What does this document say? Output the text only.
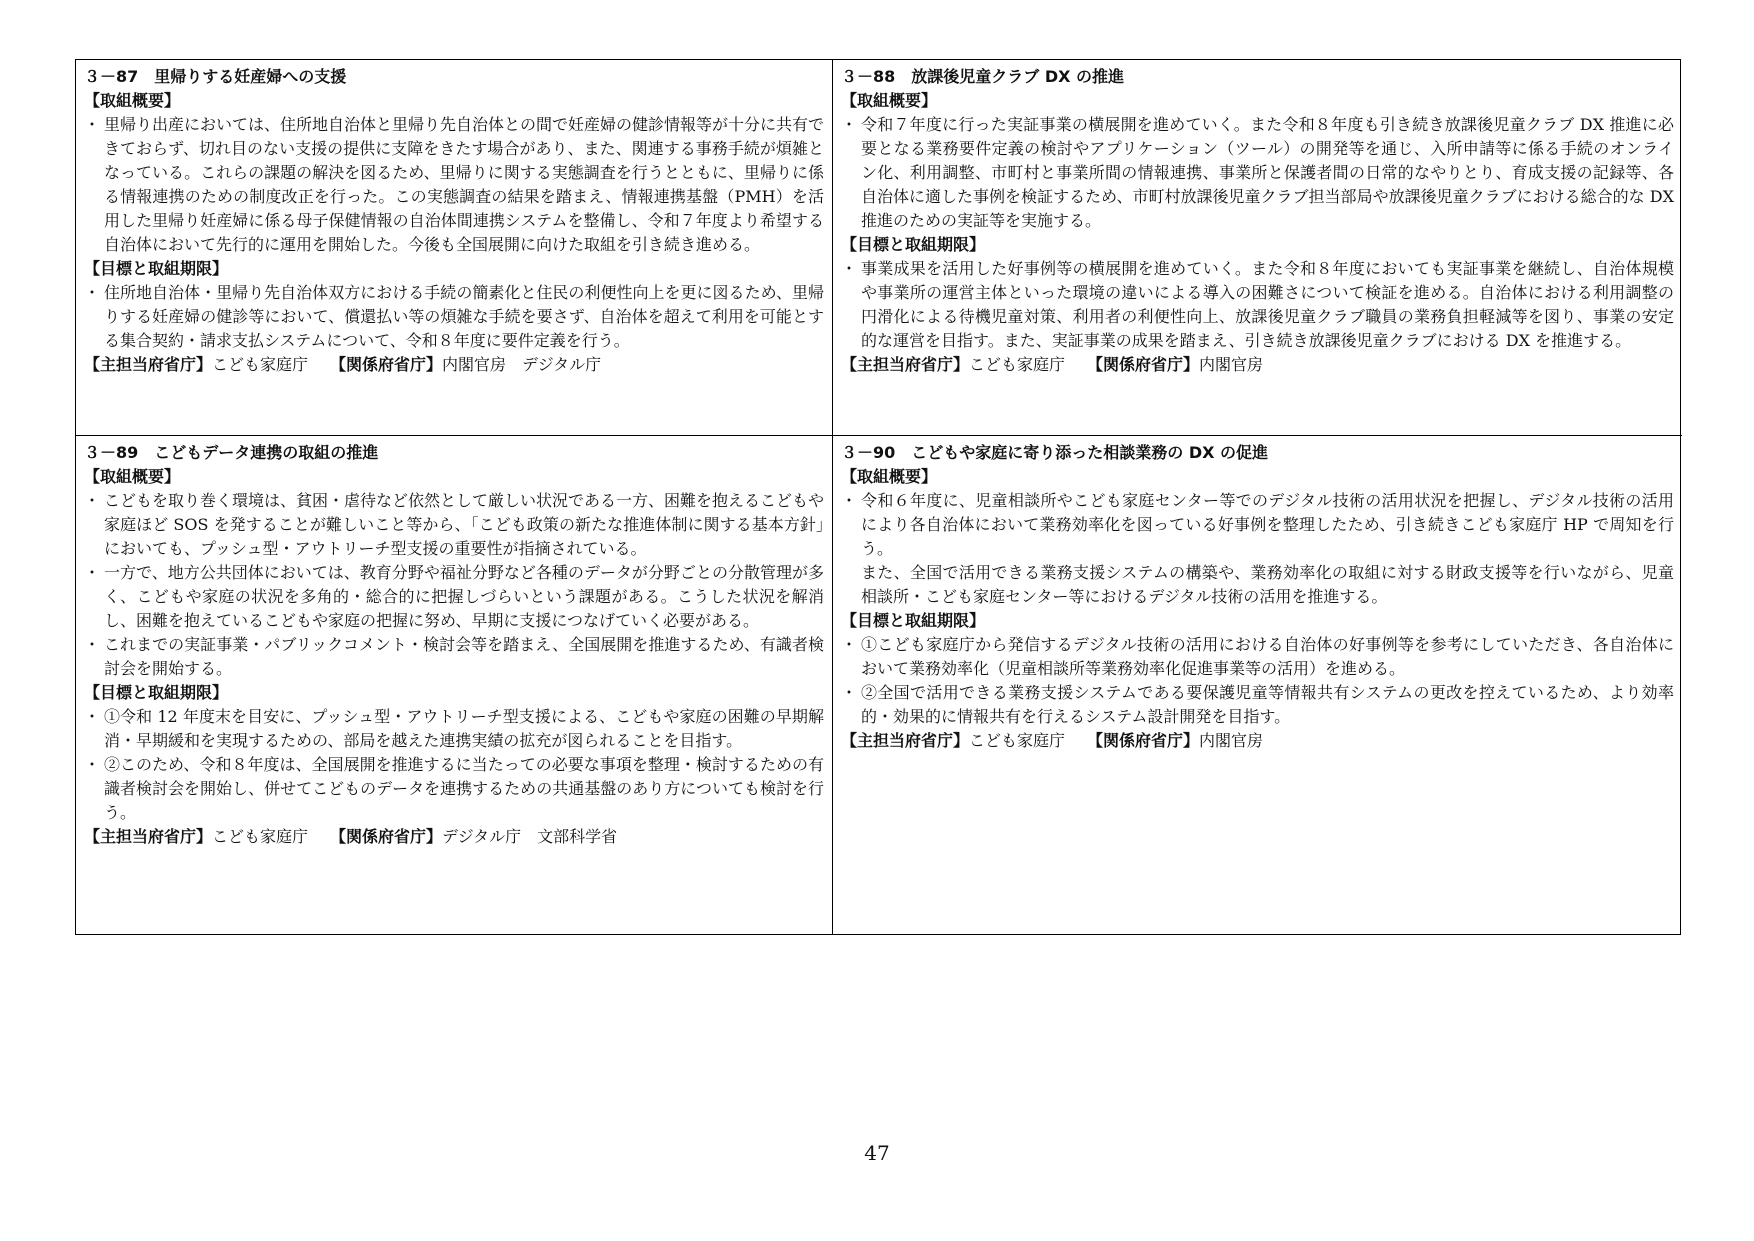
３－87　里帰りする妊産婦への支援

【取組概要】

・ 里帰り出産においては、住所地自治体と里帰り先自治体との間で妊産婦の健診情報等が十分に共有できておらず、切れ目のない支援の提供に支障をきたす場合があり、また、関連する事務手続が煩雑となっている。これらの課題の解決を図るため、里帰りに関する実態調査を行うとともに、里帰りに係る情報連携のための制度改正を行った。この実態調査の結果を踏まえ、情報連携基盤（PMH）を活用した里帰り妊産婦に係る母子保健情報の自治体間連携システムを整備し、令和７年度より希望する自治体において先行的に運用を開始した。今後も全国展開に向けた取組を引き続き進める。

【目標と取組期限】

・ 住所地自治体・里帰り先自治体双方における手続の簡素化と住民の利便性向上を更に図るため、里帰りする妊産婦の健診等において、償還払い等の煩雑な手続を要さず、自治体を超えて利用を可能とする集合契約・請求支払システムについて、令和８年度に要件定義を行う。

【主担当府省庁】こども家庭庁 【関係府省庁】内閣官房　デジタル庁

３－88　放課後児童クラブ DX の推進

【取組概要】

・ 令和７年度に行った実証事業の横展開を進めていく。また令和８年度も引き続き放課後児童クラブ DX 推進に必要となる業務要件定義の検討やアプリケーション（ツール）の開発等を通じ、入所申請等に係る手続のオンライン化、利用調整、市町村と事業所間の情報連携、事業所と保護者間の日常的なやりとり、育成支援の記録等、各自治体に適した事例を検証するため、市町村放課後児童クラブ担当部局や放課後児童クラブにおける総合的な DX 推進のための実証等を実施する。

【目標と取組期限】

・ 事業成果を活用した好事例等の横展開を進めていく。また令和８年度においても実証事業を継続し、自治体規模や事業所の運営主体といった環境の違いによる導入の困難さについて検証を進める。自治体における利用調整の円滑化による待機児童対策、利用者の利便性向上、放課後児童クラブ職員の業務負担軽減等を図り、事業の安定的な運営を目指す。また、実証事業の成果を踏まえ、引き続き放課後児童クラブにおける DX を推進する。

【主担当府省庁】こども家庭庁 【関係府省庁】内閣官房

３－89　こどもデータ連携の取組の推進

【取組概要】

・ こどもを取り巻く環境は、貧困・虐待など依然として厳しい状況である一方、困難を抱えるこどもや家庭ほど SOS を発することが難しいこと等から、「こども政策の新たな推進体制に関する基本方針」においても、プッシュ型・アウトリーチ型支援の重要性が指摘されている。

・ 一方で、地方公共団体においては、教育分野や福祉分野など各種のデータが分野ごとの分散管理が多く、こどもや家庭の状況を多角的・総合的に把握しづらいという課題がある。こうした状況を解消し、困難を抱えているこどもや家庭の把握に努め、早期に支援につなげていく必要がある。

・ これまでの実証事業・パブリックコメント・検討会等を踏まえ、全国展開を推進するため、有識者検討会を開始する。

【目標と取組期限】

・ ①令和 12 年度末を目安に、プッシュ型・アウトリーチ型支援による、こどもや家庭の困難の早期解消・早期緩和を実現するための、部局を越えた連携実績の拡充が図られることを目指す。

・ ②このため、令和８年度は、全国展開を推進するに当たっての必要な事項を整理・検討するための有識者検討会を開始し、併せてこどものデータを連携するための共通基盤のあり方についても検討を行う。

【主担当府省庁】こども家庭庁 【関係府省庁】デジタル庁　文部科学省

３－90　こどもや家庭に寄り添った相談業務の DX の促進

【取組概要】

・ 令和６年度に、児童相談所やこども家庭センター等でのデジタル技術の活用状況を把握し、デジタル技術の活用により各自治体において業務効率化を図っている好事例を整理したため、引き続きこども家庭庁 HP で周知を行う。

また、全国で活用できる業務支援システムの構築や、業務効率化の取組に対する財政支援等を行いながら、児童相談所・こども家庭センター等におけるデジタル技術の活用を推進する。

【目標と取組期限】

・ ①こども家庭庁から発信するデジタル技術の活用における自治体の好事例等を参考にしていただき、各自治体において業務効率化（児童相談所等業務効率化促進事業等の活用）を進める。

・ ②全国で活用できる業務支援システムである要保護児童等情報共有システムの更改を控えているため、より効率的・効果的に情報共有を行えるシステム設計開発を目指す。

【主担当府省庁】こども家庭庁 【関係府省庁】内閣官房

47
